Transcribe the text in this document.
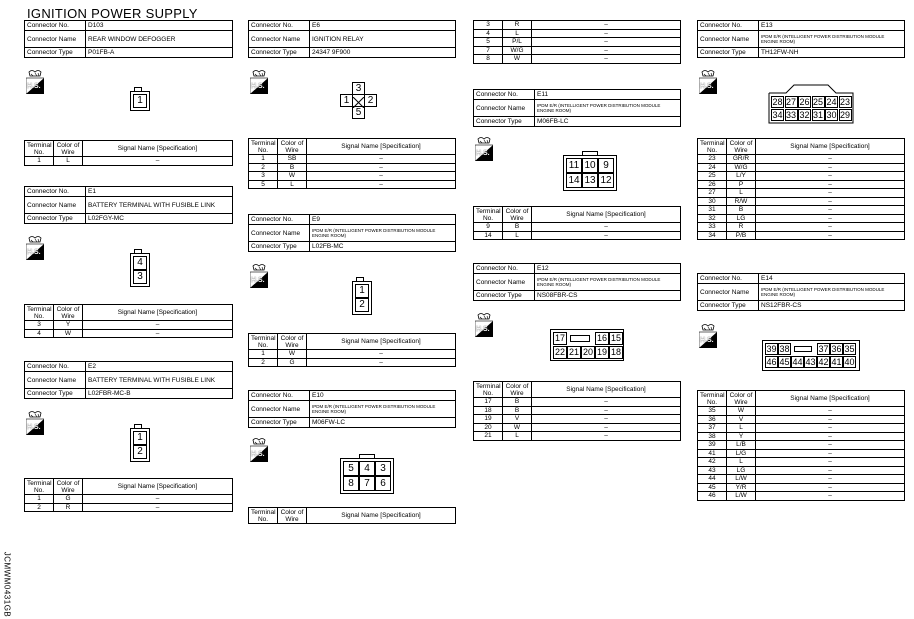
IGNITION POWER SUPPLY
JCMWM0431GB
Connector No.	D103
Connector Name	REAR WINDOW DEFOGGER
Connector Type	P01FB-A
H.S.
1
Terminal No.	Color of Wire	Signal Name [Specification]
1	L	–
Connector No.	E1
Connector Name	BATTERY TERMINAL WITH FUSIBLE LINK
Connector Type	L02FGY-MC
H.S.
4
3
Terminal No.	Color of Wire	Signal Name [Specification]
3	Y	–
4	W	–
Connector No.	E2
Connector Name	BATTERY TERMINAL WITH FUSIBLE LINK
Connector Type	L02FBR-MC-B
H.S.
1
2
Terminal No.	Color of Wire	Signal Name [Specification]
1	G	–
2	R	–
Connector No.	E6
Connector Name	IGNITION RELAY
Connector Type	24347 9F900
H.S.	3
1	2
5
Terminal No.	Color of Wire	Signal Name [Specification]
1	SB	–
2	B	–
3	W	–
5	L	–
Connector No.	E9
Connector Name	IPDM E/R (INTELLIGENT POWER DISTRIBUTION MODULE ENGINE ROOM)
Connector Type	L02FB-MC
H.S.
1
2
Terminal No.	Color of Wire	Signal Name [Specification]
1	W	–
2	G	–
Connector No.	E10
Connector Name	IPDM E/R (INTELLIGENT POWER DISTRIBUTION MODULE ENGINE ROOM)
Connector Type	M06FW-LC
H.S.
5	4	3
8	7	6
Terminal No.	Color of Wire	Signal Name [Specification]

3	R	–
4	L	–
5	P/L	–
7	W/G	–
8	W	–
Connector No.	E11
Connector Name	IPDM E/R (INTELLIGENT POWER DISTRIBUTION MODULE ENGINE ROOM)
Connector Type	M06FB-LC
H.S.
11 10 9
14 13 12
Terminal No.	Color of Wire	Signal Name [Specification]
9	B	–
14	L	–
Connector No.	E12
Connector Name	IPDM E/R (INTELLIGENT POWER DISTRIBUTION MODULE ENGINE ROOM)
Connector Type	NS08FBR-CS
H.S.
17	16 15
22 21 20 19 18
Terminal No.	Color of Wire	Signal Name [Specification]
17	B	–
18	B	–
19	V	–
20	W	–
21	L	–
Connector No.	E13
Connector Name	IPDM E/R (INTELLIGENT POWER DISTRIBUTION MODULE ENGINE ROOM)
Connector Type	TH12FW-NH
H.S.
28 27 26 25 24 23
34 33 32 31 30 29
Terminal No.	Color of Wire	Signal Name [Specification]
23	GR/R	–
24	W/G	–
25	L/Y	–
26	P	–
27	L	–
30	R/W	–
31	B	–
32	LG	–
33	R	–
34	P/B	–
Connector No.	E14
Connector Name	IPDM E/R (INTELLIGENT POWER DISTRIBUTION MODULE ENGINE ROOM)
Connector Type	NS12FBR-CS
H.S.
39 38	37 36 35
46 45 44 43 42 41 40
Terminal No.	Color of Wire	Signal Name [Specification]
35	W	–
36	V	–
37	L	–
38	Y	–
39	L/B	–
41	L/G	–
42	L	–
43	LG	–
44	L/W	–
45	Y/R	–
46	L/W	–
